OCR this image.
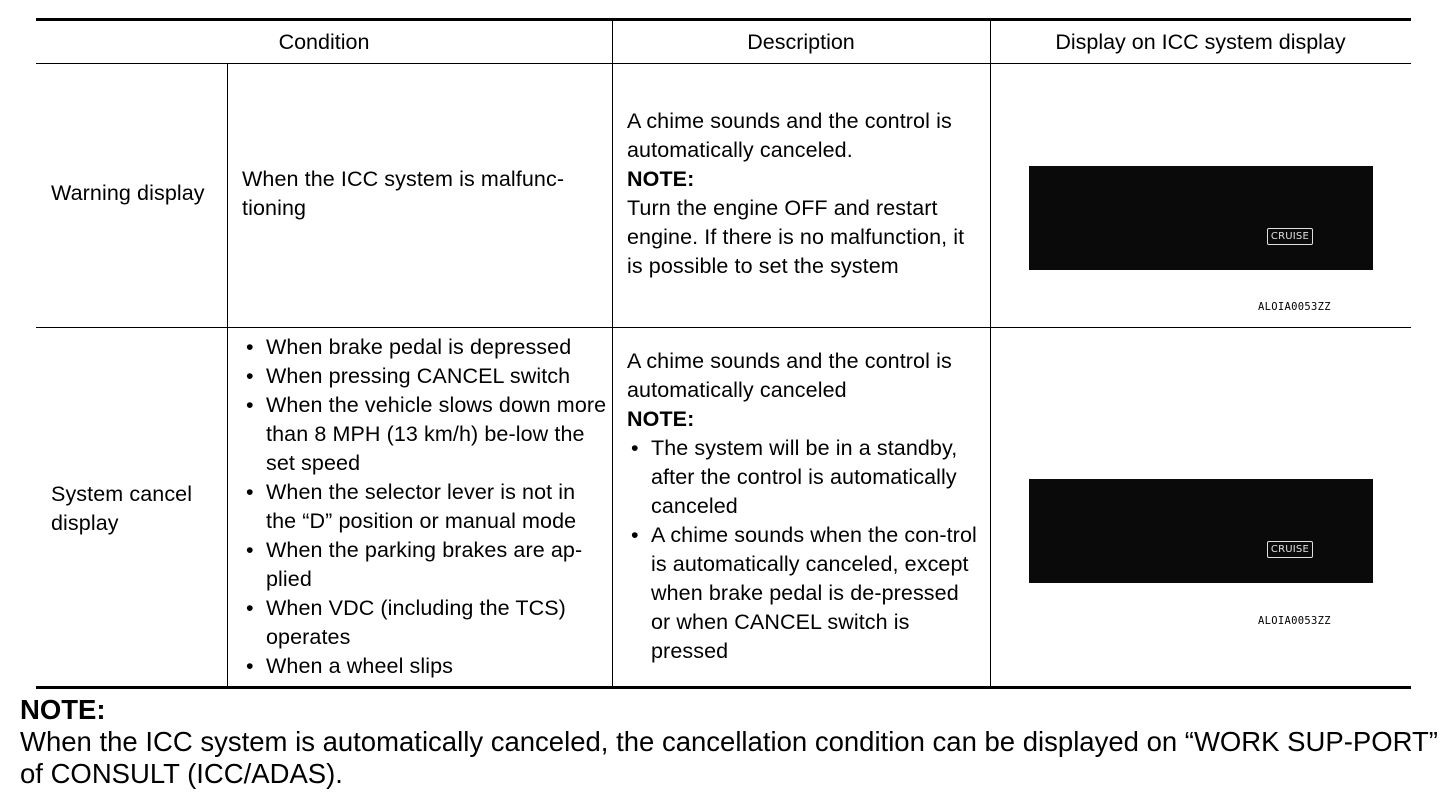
Condition	Description	Display on ICC system display
Warning display
When the ICC system is malfunc-
tioning
A chime sounds and the control is automatically canceled.
NOTE:
Turn the engine OFF and restart engine. If there is no malfunction, it is possible to set the system
CRUISE
ALOIA0053ZZ
System cancel
display
• When brake pedal is depressed
• When pressing CANCEL switch
• When the vehicle slows down more than 8 MPH (13 km/h) be-low the set speed
• When the selector lever is not in the “D” position or manual mode
• When the parking brakes are ap-plied
• When VDC (including the TCS) operates
• When a wheel slips
A chime sounds and the control is automatically canceled
NOTE:
• The system will be in a standby, after the control is automatically canceled
• A chime sounds when the con-trol is automatically canceled, except when brake pedal is de-pressed or when CANCEL switch is pressed
CRUISE
ALOIA0053ZZ
NOTE:
When the ICC system is automatically canceled, the cancellation condition can be displayed on “WORK SUP-PORT” of CONSULT (ICC/ADAS).
